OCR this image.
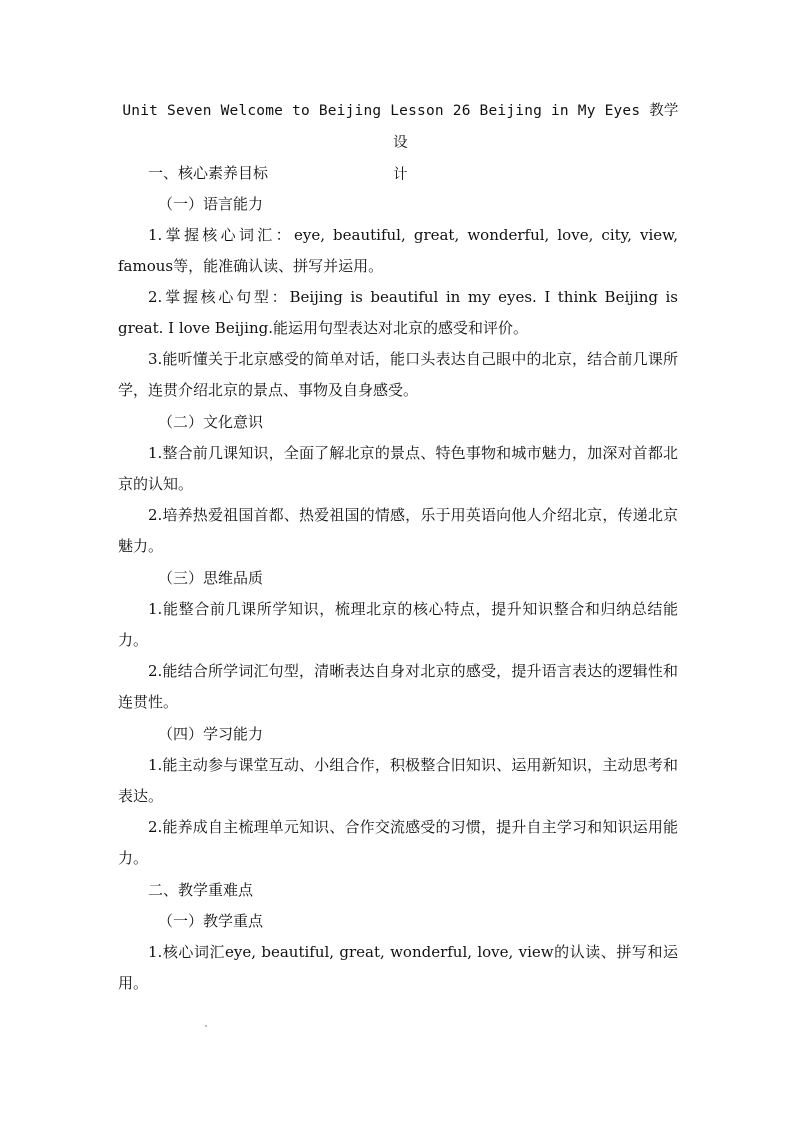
Unit Seven Welcome to Beijing Lesson 26 Beijing in My Eyes 教学设
计
一、核心素养目标
（一）语言能力
1.掌握核心词汇：eye, beautiful, great, wonderful, love, city, view, famous等，能准确认读、拼写并运用。
2.掌握核心句型：Beijing is beautiful in my eyes. I think Beijing is great. I love Beijing.能运用句型表达对北京的感受和评价。
3.能听懂关于北京感受的简单对话，能口头表达自己眼中的北京，结合前几课所学，连贯介绍北京的景点、事物及自身感受。
（二）文化意识
1.整合前几课知识，全面了解北京的景点、特色事物和城市魅力，加深对首都北京的认知。
2.培养热爱祖国首都、热爱祖国的情感，乐于用英语向他人介绍北京，传递北京魅力。
（三）思维品质
1.能整合前几课所学知识，梳理北京的核心特点，提升知识整合和归纳总结能力。
2.能结合所学词汇句型，清晰表达自身对北京的感受，提升语言表达的逻辑性和连贯性。
（四）学习能力
1.能主动参与课堂互动、小组合作，积极整合旧知识、运用新知识，主动思考和表达。
2.能养成自主梳理单元知识、合作交流感受的习惯，提升自主学习和知识运用能力。
二、教学重难点
（一）教学重点
1.核心词汇eye, beautiful, great, wonderful, love, view的认读、拼写和运用。
